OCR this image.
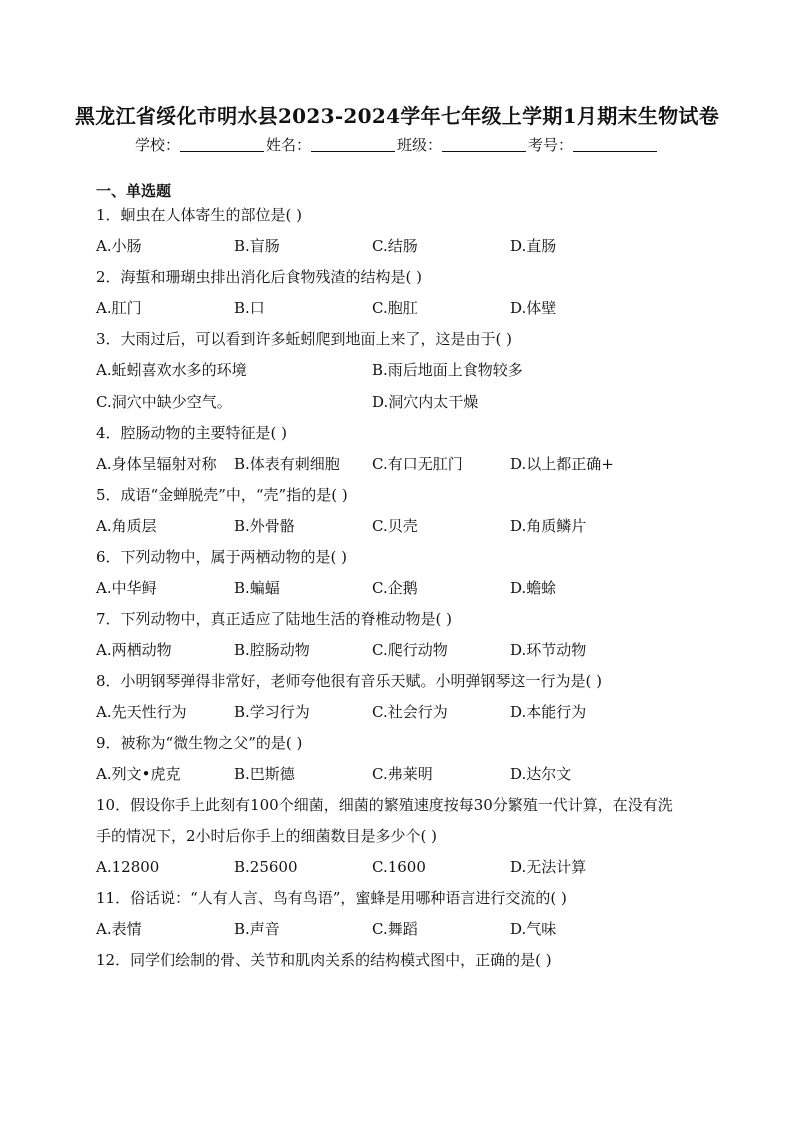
黑龙江省绥化市明水县2023-2024学年七年级上学期1月期末生物试卷
学校：	姓名：	班级：	考号：
一、单选题
1．蛔虫在人体寄生的部位是( )
A.小肠	B.盲肠	C.结肠	D.直肠
2．海蜇和珊瑚虫排出消化后食物残渣的结构是( )
A.肛门	B.口	C.胞肛	D.体壁
3．大雨过后，可以看到许多蚯蚓爬到地面上来了，这是由于( )
A.蚯蚓喜欢水多的环境	B.雨后地面上食物较多
C.洞穴中缺少空气。	D.洞穴内太干燥
4．腔肠动物的主要特征是( )
A.身体呈辐射对称 B.体表有刺细胞 C.有口无肛门	D.以上都正确+
5．成语“金蝉脱壳”中，“壳”指的是( )
A.角质层	B.外骨骼	C.贝壳	D.角质鳞片
6．下列动物中，属于两栖动物的是( )
A.中华鲟	B.蝙蝠	C.企鹅	D.蟾蜍
7．下列动物中，真正适应了陆地生活的脊椎动物是( )
A.两栖动物	B.腔肠动物	C.爬行动物	D.环节动物
8．小明钢琴弹得非常好，老师夸他很有音乐天赋。小明弹钢琴这一行为是( )
A.先天性行为	B.学习行为	C.社会行为	D.本能行为
9．被称为“微生物之父”的是( )
A.列文•虎克	B.巴斯德	C.弗莱明	D.达尔文
10．假设你手上此刻有100个细菌，细菌的繁殖速度按每30分繁殖一代计算，在没有洗
手的情况下，2小时后你手上的细菌数目是多少个( )
A.12800	B.25600	C.1600	D.无法计算
11．俗话说：“人有人言、鸟有鸟语”，蜜蜂是用哪种语言进行交流的( )
A.表情	B.声音	C.舞蹈	D.气味
12．同学们绘制的骨、关节和肌肉关系的结构模式图中，正确的是( )
